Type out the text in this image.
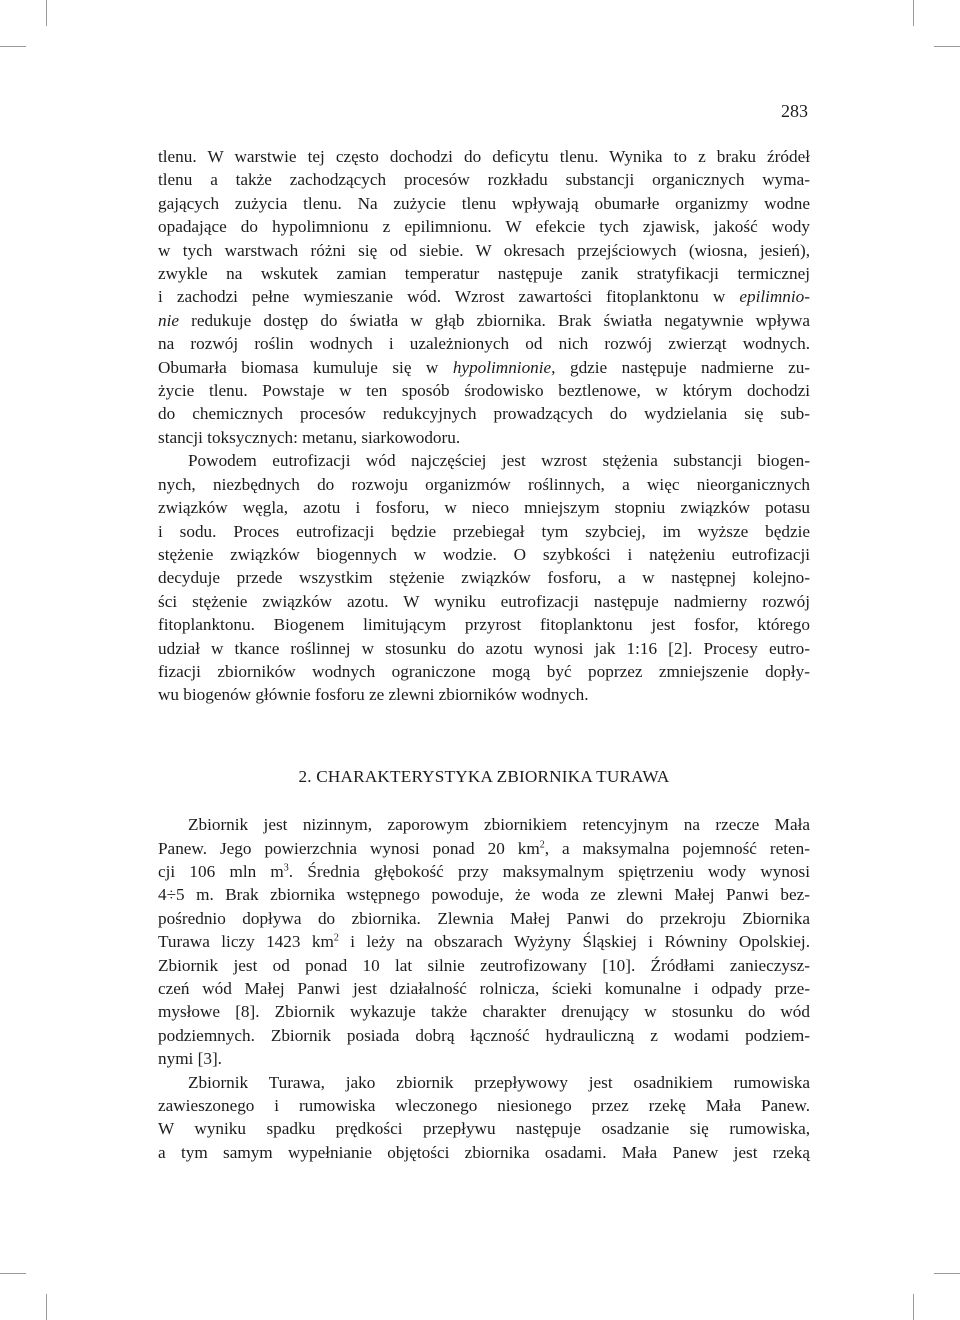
283

tlenu. W warstwie tej często dochodzi do deficytu tlenu. Wynika to z braku źródeł
tlenu a także zachodzących procesów rozkładu substancji organicznych wyma-
gających zużycia tlenu. Na zużycie tlenu wpływają obumarłe organizmy wodne
opadające do hypolimnionu z epilimnionu. W efekcie tych zjawisk, jakość wody
w tych warstwach różni się od siebie. W okresach przejściowych (wiosna, jesień),
zwykle na wskutek zamian temperatur następuje zanik stratyfikacji termicznej
i zachodzi pełne wymieszanie wód. Wzrost zawartości fitoplanktonu w epilimnio-
nie redukuje dostęp do światła w głąb zbiornika. Brak światła negatywnie wpływa
na rozwój roślin wodnych i uzależnionych od nich rozwój zwierząt wodnych.
Obumarła biomasa kumuluje się w hypolimnionie, gdzie następuje nadmierne zu-
życie tlenu. Powstaje w ten sposób środowisko beztlenowe, w którym dochodzi
do chemicznych procesów redukcyjnych prowadzących do wydzielania się sub-
stancji toksycznych: metanu, siarkowodoru.

Powodem eutrofizacji wód najczęściej jest wzrost stężenia substancji biogen-
nych, niezbędnych do rozwoju organizmów roślinnych, a więc nieorganicznych
związków węgla, azotu i fosforu, w nieco mniejszym stopniu związków potasu
i sodu. Proces eutrofizacji będzie przebiegał tym szybciej, im wyższe będzie
stężenie związków biogennych w wodzie. O szybkości i natężeniu eutrofizacji
decyduje przede wszystkim stężenie związków fosforu, a w następnej kolejno-
ści stężenie związków azotu. W wyniku eutrofizacji następuje nadmierny rozwój
fitoplanktonu. Biogenem limitującym przyrost fitoplanktonu jest fosfor, którego
udział w tkance roślinnej w stosunku do azotu wynosi jak 1:16 [2]. Procesy eutro-
fizacji zbiorników wodnych ograniczone mogą być poprzez zmniejszenie dopły-
wu biogenów głównie fosforu ze zlewni zbiorników wodnych.

2. CHARAKTERYSTYKA ZBIORNIKA TURAWA

Zbiornik jest nizinnym, zaporowym zbiornikiem retencyjnym na rzecze Mała
Panew. Jego powierzchnia wynosi ponad 20 $km^2$, a maksymalna pojemność reten-
cji 106 mln $m^3$. Średnia głębokość przy maksymalnym spiętrzeniu wody wynosi
4÷5 m. Brak zbiornika wstępnego powoduje, że woda ze zlewni Małej Panwi bez-
pośrednio dopływa do zbiornika. Zlewnia Małej Panwi do przekroju Zbiornika
Turawa liczy 1423 $km^2$ i leży na obszarach Wyżyny Śląskiej i Równiny Opolskiej.
Zbiornik jest od ponad 10 lat silnie zeutrofizowany [10]. Źródłami zanieczysz-
czeń wód Małej Panwi jest działalność rolnicza, ścieki komunalne i odpady prze-
mysłowe [8]. Zbiornik wykazuje także charakter drenujący w stosunku do wód
podziemnych. Zbiornik posiada dobrą łączność hydrauliczną z wodami podziem-
nymi [3].

Zbiornik Turawa, jako zbiornik przepływowy jest osadnikiem rumowiska
zawieszonego i rumowiska wleczonego niesionego przez rzekę Mała Panew.
W wyniku spadku prędkości przepływu następuje osadzanie się rumowiska,
a tym samym wypełnianie objętości zbiornika osadami. Mała Panew jest rzeką
